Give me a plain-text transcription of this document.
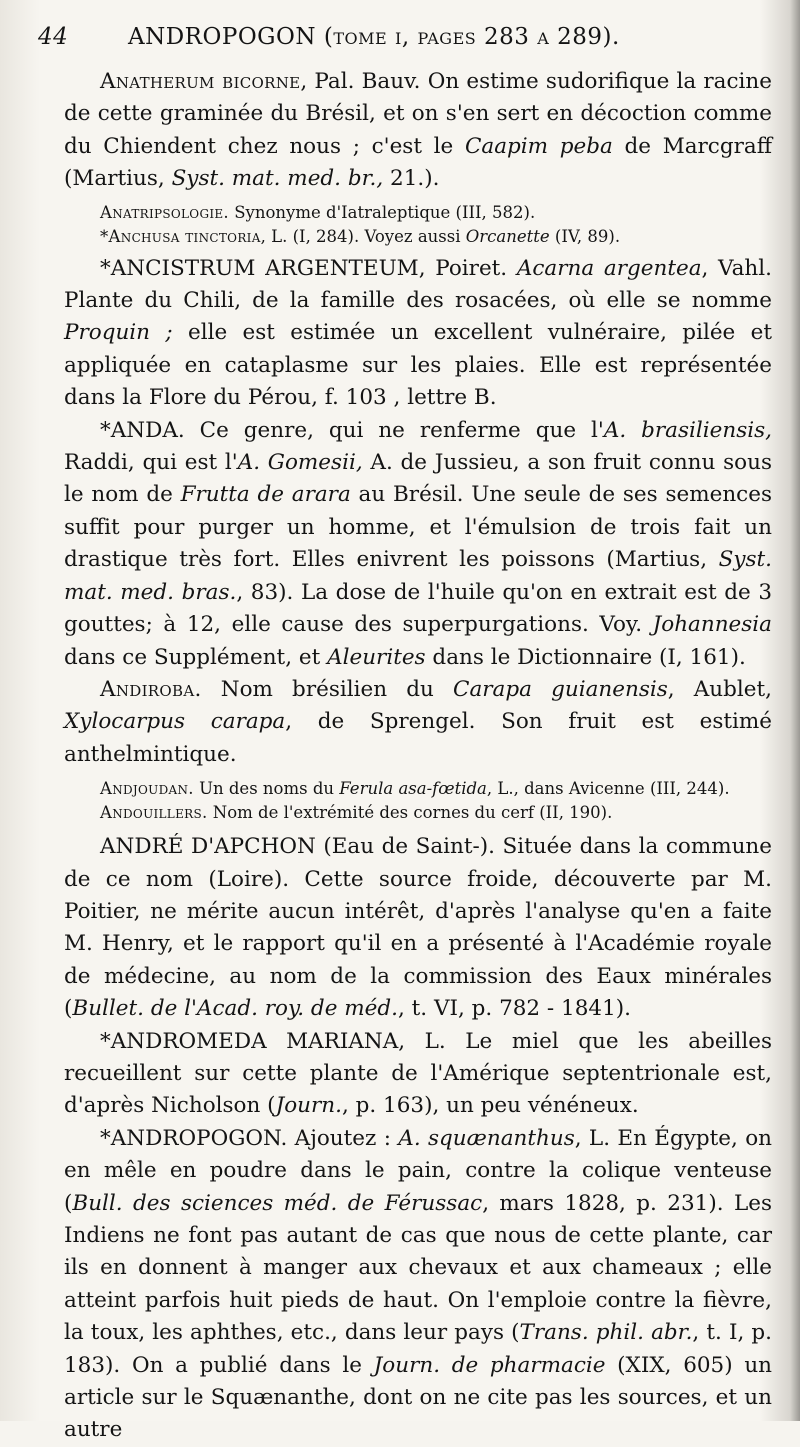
44	ANDROPOGON (tome i, pages 283 a 289).

Anatherum bicorne, Pal. Bauv. On estime sudorifique la racine de cette graminée du Brésil, et on s'en sert en décoction comme du Chiendent chez nous ; c'est le Caapim peba de Marcgraff (Martius, Syst. mat. med. br., 21.).

Anatripsologie. Synonyme d'Iatraleptique (III, 582).

*Anchusa tinctoria, L. (I, 284). Voyez aussi Orcanette (IV, 89).

*ANCISTRUM ARGENTEUM, Poiret. Acarna argentea, Vahl. Plante du Chili, de la famille des rosacées, où elle se nomme Proquin ; elle est estimée un excellent vulnéraire, pilée et appliquée en cataplasme sur les plaies. Elle est représentée dans la Flore du Pérou, f. 103 , lettre B.

*ANDA. Ce genre, qui ne renferme que l'A. brasiliensis, Raddi, qui est l'A. Gomesii, A. de Jussieu, a son fruit connu sous le nom de Frutta de arara au Brésil. Une seule de ses semences suffit pour purger un homme, et l'émulsion de trois fait un drastique très fort. Elles enivrent les poissons (Martius, Syst. mat. med. bras., 83). La dose de l'huile qu'on en extrait est de 3 gouttes; à 12, elle cause des superpurgations. Voy. Johannesia dans ce Supplément, et Aleurites dans le Dictionnaire (I, 161).

Andiroba. Nom brésilien du Carapa guianensis, Aublet, Xylocarpus carapa, de Sprengel. Son fruit est estimé anthelmintique.

Andjoudan. Un des noms du Ferula asa-fœtida, L., dans Avicenne (III, 244).

Andouillers. Nom de l'extrémité des cornes du cerf (II, 190).

ANDRÉ D'APCHON (Eau de Saint-). Située dans la commune de ce nom (Loire). Cette source froide, découverte par M. Poitier, ne mérite aucun intérêt, d'après l'analyse qu'en a faite M. Henry, et le rapport qu'il en a présenté à l'Académie royale de médecine, au nom de la commission des Eaux minérales (Bullet. de l'Acad. roy. de méd., t. VI, p. 782 - 1841).

*ANDROMEDA MARIANA, L. Le miel que les abeilles recueillent sur cette plante de l'Amérique septentrionale est, d'après Nicholson (Journ., p. 163), un peu vénéneux.

*ANDROPOGON. Ajoutez : A. squænanthus, L. En Égypte, on en mêle en poudre dans le pain, contre la colique venteuse (Bull. des sciences méd. de Férussac, mars 1828, p. 231). Les Indiens ne font pas autant de cas que nous de cette plante, car ils en donnent à manger aux chevaux et aux chameaux ; elle atteint parfois huit pieds de haut. On l'emploie contre la fièvre, la toux, les aphthes, etc., dans leur pays (Trans. phil. abr., t. I, p. 183). On a publié dans le Journ. de pharmacie (XIX, 605) un article sur le Squænanthe, dont on ne cite pas les sources, et un autre
